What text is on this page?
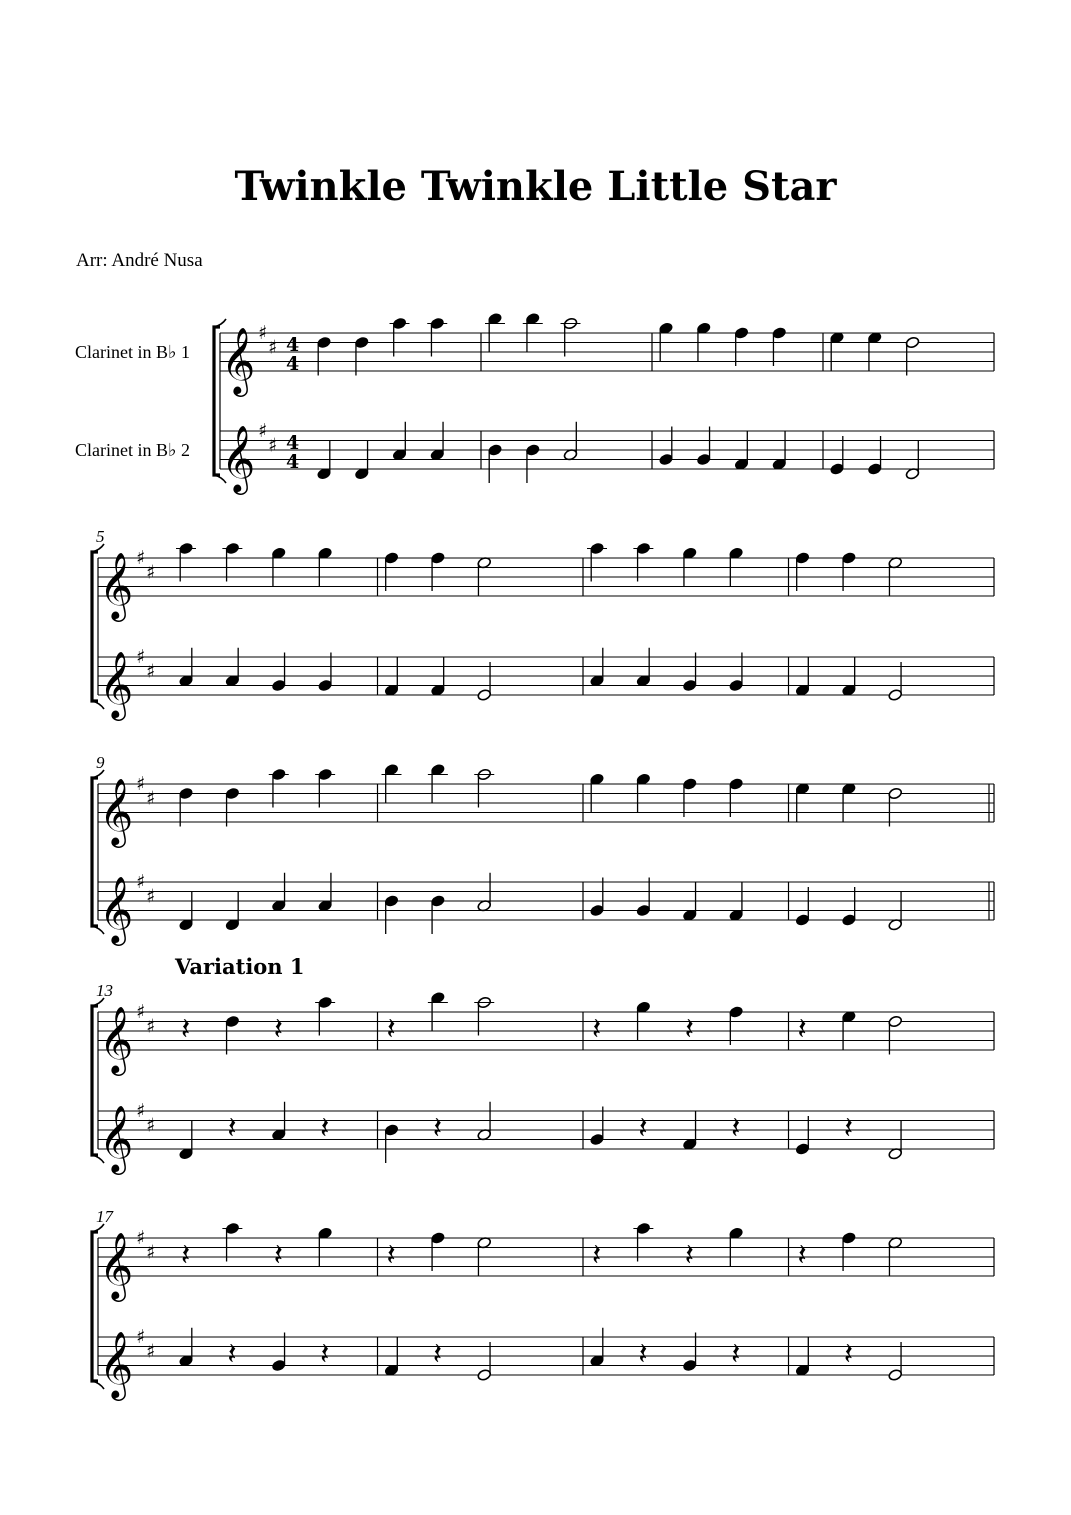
Twinkle Twinkle Little Star
Arr: André Nusa
𝄞 ♯
♯ 4
4
Clarinet in B♭ 1
𝄞 ♯
♯ 4
4
Clarinet in B♭ 2
𝄞 ♯
♯
𝄞 ♯
♯
5
𝄞 ♯
♯
𝄞 ♯
♯
9
𝄞 ♯
♯
𝄞 ♯
♯
13
Variation 1
𝄽	𝄽
𝄽	𝄽
𝄽
𝄽
𝄽	𝄽
𝄽	𝄽
𝄽
𝄽
𝄞 ♯
♯
𝄞 ♯
♯
17
𝄽	𝄽
𝄽	𝄽
𝄽
𝄽
𝄽	𝄽
𝄽	𝄽
𝄽
𝄽
